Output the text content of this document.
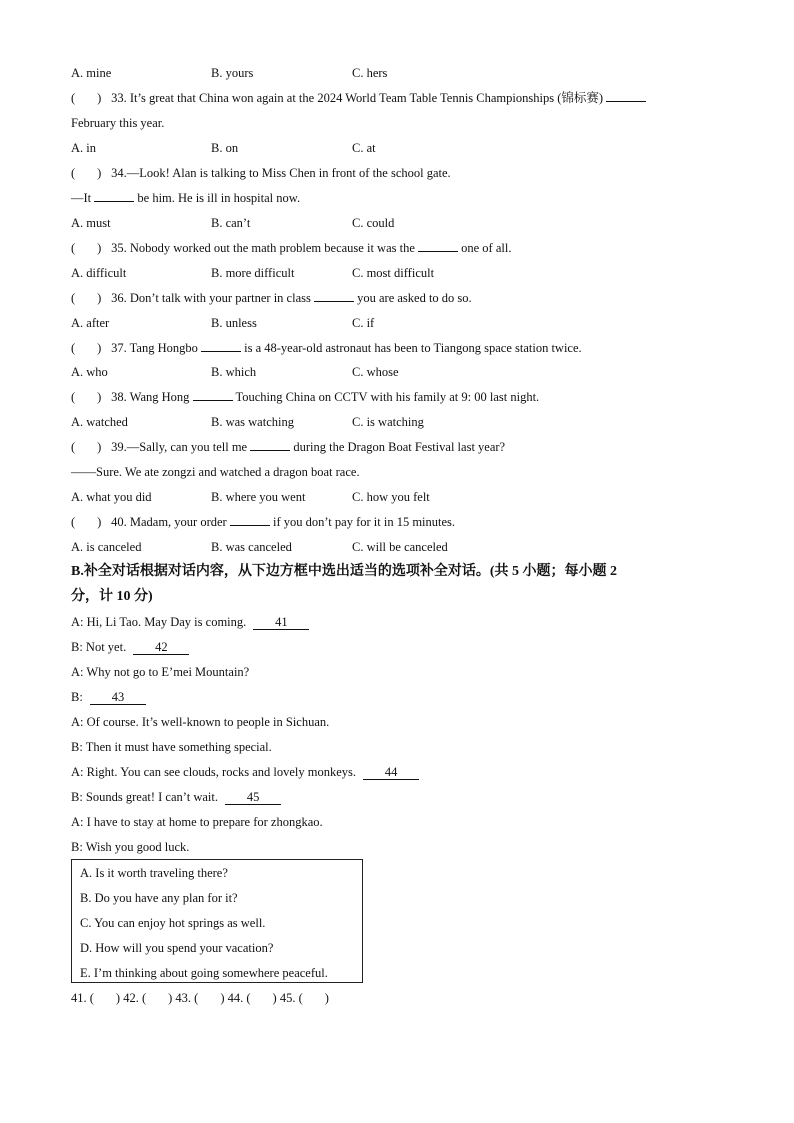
A. mine	B. yours	C. hers
( ) 33. It’s great that China won again at the 2024 World Team Table Tennis Championships (锦标赛)
February this year.
A. in	B. on	C. at
( ) 34.—Look! Alan is talking to Miss Chen in front of the school gate.
—It	be him. He is ill in hospital now.
A. must	B. can’t	C. could
( ) 35. Nobody worked out the math problem because it was the	one of all.
A. difficult	B. more difficult	C. most difficult
( ) 36. Don’t talk with your partner in class	you are asked to do so.
A. after	B. unless	C. if
( ) 37. Tang Hongbo	is a 48-year-old astronaut has been to Tiangong space station twice.
A. who	B. which	C. whose
( ) 38. Wang Hong	Touching China on CCTV with his family at 9: 00 last night.
A. watched	B. was watching	C. is watching
( ) 39.—Sally, can you tell me	during the Dragon Boat Festival last year?
——Sure. We ate zongzi and watched a dragon boat race.
A. what you did	B. where you went	C. how you felt
( ) 40. Madam, your order	if you don’t pay for it in 15 minutes.
A. is canceled	B. was canceled	C. will be canceled
B.补全对话根据对话内容，从下边方框中选出适当的选项补全对话。(共 5 小题；每小题 2
分，计 10 分)
A: Hi, Li Tao. May Day is coming. 41
B: Not yet. 42
A: Why not go to E’mei Mountain?
B: 43
A: Of course. It’s well-known to people in Sichuan.
B: Then it must have something special.
A: Right. You can see clouds, rocks and lovely monkeys. 44
B: Sounds great! I can’t wait. 45
A: I have to stay at home to prepare for zhongkao.
B: Wish you good luck.
A. Is it worth traveling there?
B. Do you have any plan for it?
C. You can enjoy hot springs as well.
D. How will you spend your vacation?
E. I’m thinking about going somewhere peaceful.
41. ( ) 42. ( ) 43. ( ) 44. ( ) 45. ( )
